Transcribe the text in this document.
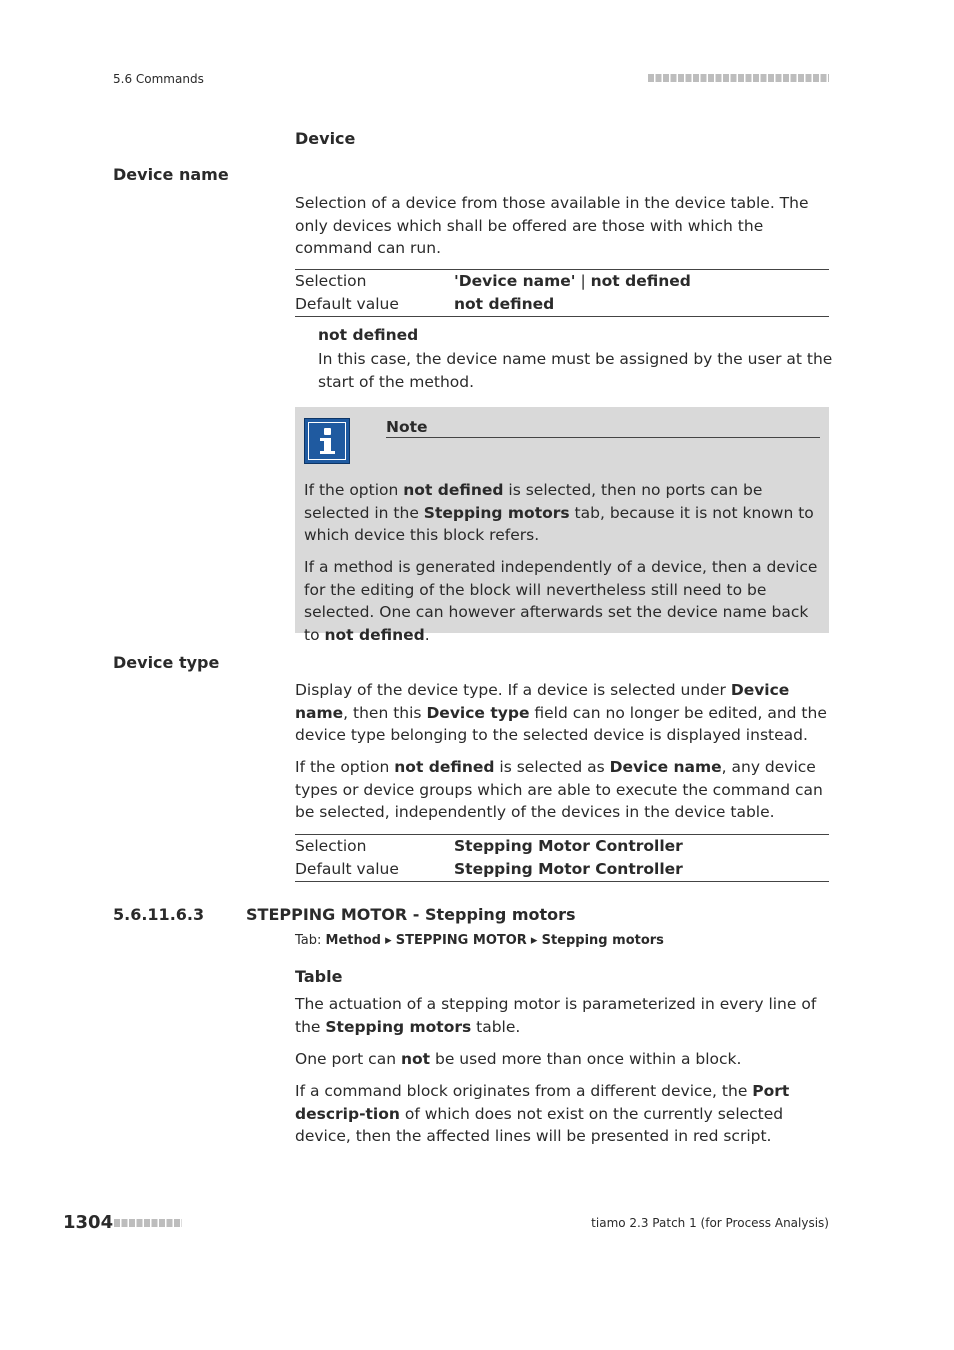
5.6 Commands
Device
Device name
Selection of a device from those available in the device table. The only devices which shall be offered are those with which the command can run.
Selection	'Device name' | not defined
Default value	not defined
not defined
In this case, the device name must be assigned by the user at the start of the method.
Note
If the option not defined is selected, then no ports can be selected in the Stepping motors tab, because it is not known to which device this block refers.
If a method is generated independently of a device, then a device for the editing of the block will nevertheless still need to be selected. One can however afterwards set the device name back to not defined.
Device type
Display of the device type. If a device is selected under Device name, then this Device type field can no longer be edited, and the device type belonging to the selected device is displayed instead.
If the option not defined is selected as Device name, any device types or device groups which are able to execute the command can be selected, independently of the devices in the device table.
Selection	Stepping Motor Controller
Default value	Stepping Motor Controller
5.6.11.6.3	STEPPING MOTOR - Stepping motors
Tab: Method ▸ STEPPING MOTOR ▸ Stepping motors
Table
The actuation of a stepping motor is parameterized in every line of the Stepping motors table.
One port can not be used more than once within a block.
If a command block originates from a different device, the Port descrip-tion of which does not exist on the currently selected device, then the affected lines will be presented in red script.
1304	tiamo 2.3 Patch 1 (for Process Analysis)
